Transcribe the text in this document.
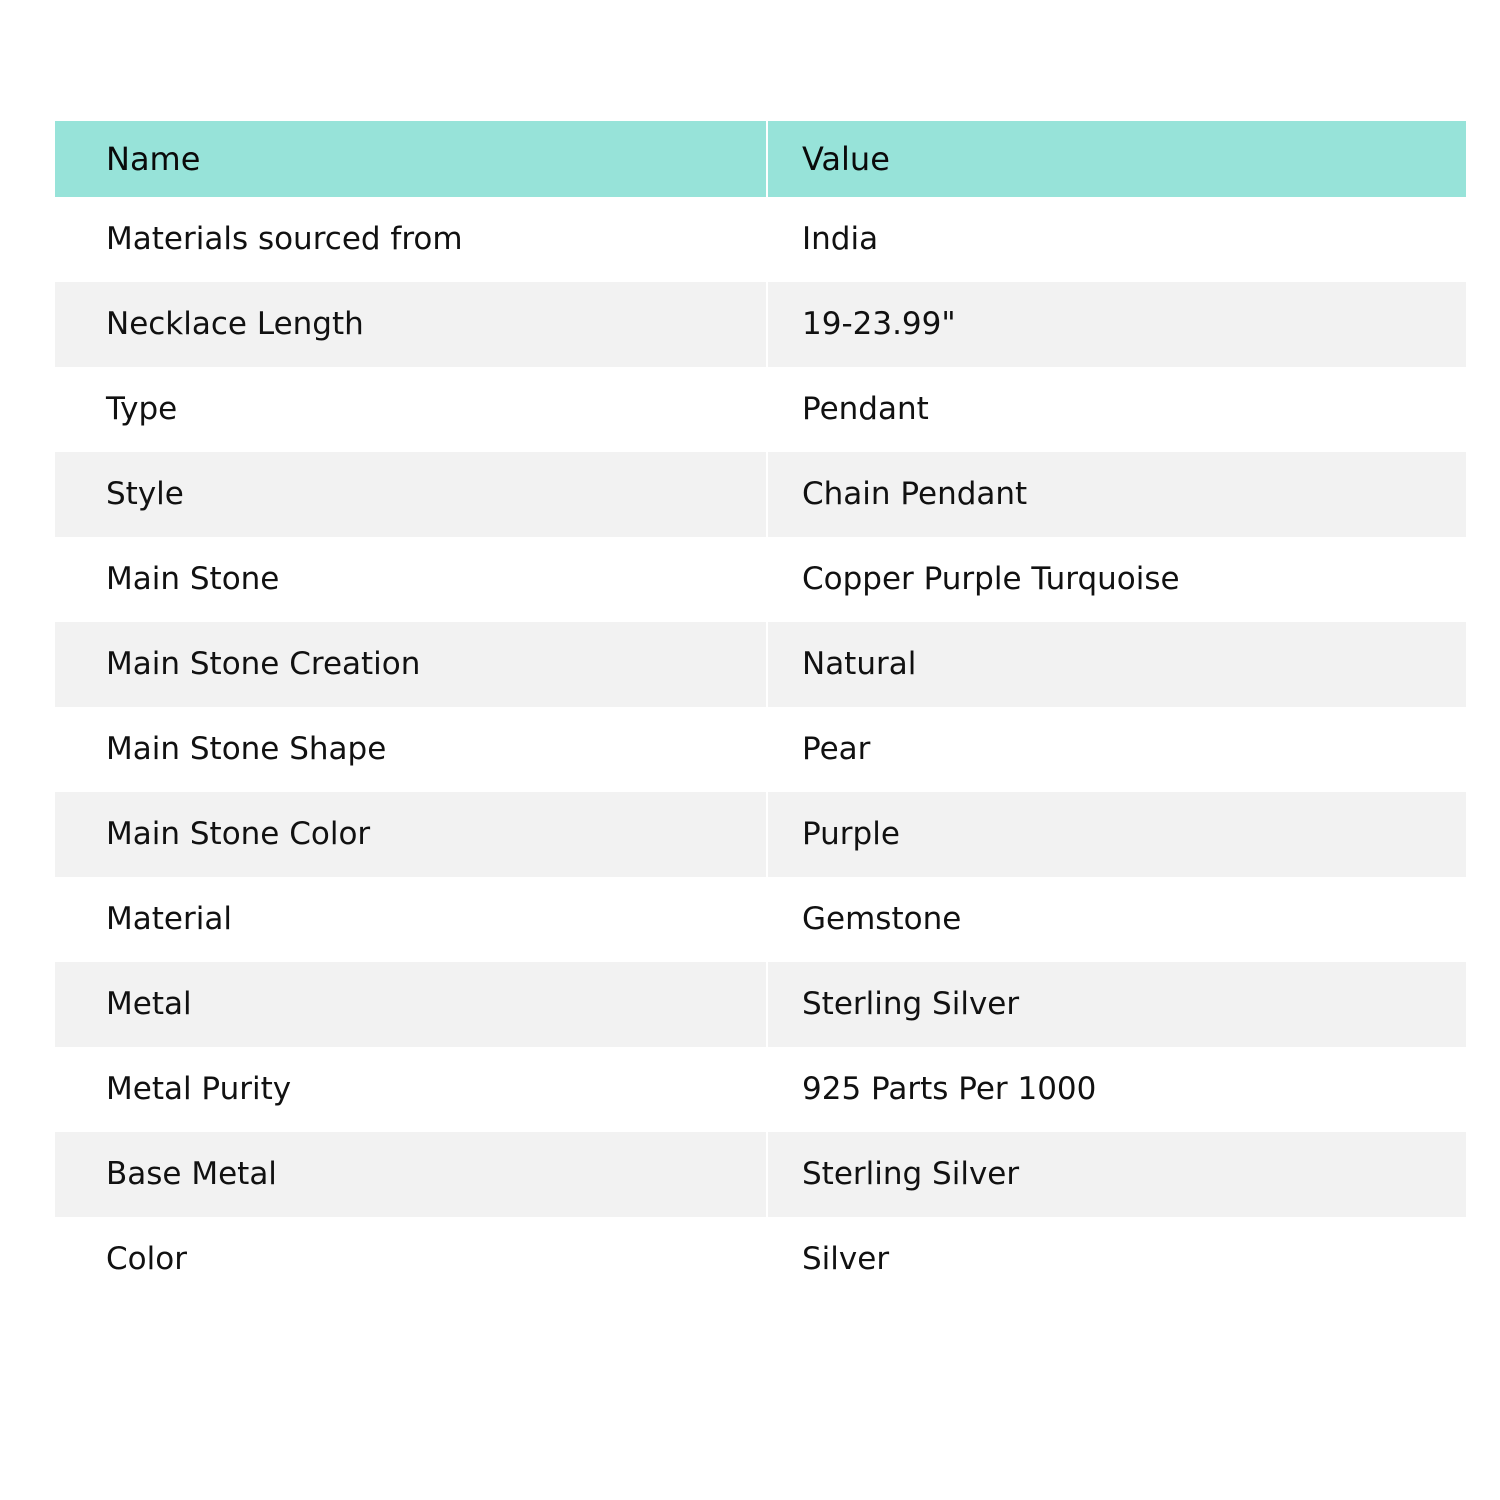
Name	Value
Materials sourced from	India
Necklace Length	19-23.99"
Type	Pendant
Style	Chain Pendant
Main Stone	Copper Purple Turquoise
Main Stone Creation	Natural
Main Stone Shape	Pear
Main Stone Color	Purple
Material	Gemstone
Metal	Sterling Silver
Metal Purity	925 Parts Per 1000
Base Metal	Sterling Silver
Color	Silver
